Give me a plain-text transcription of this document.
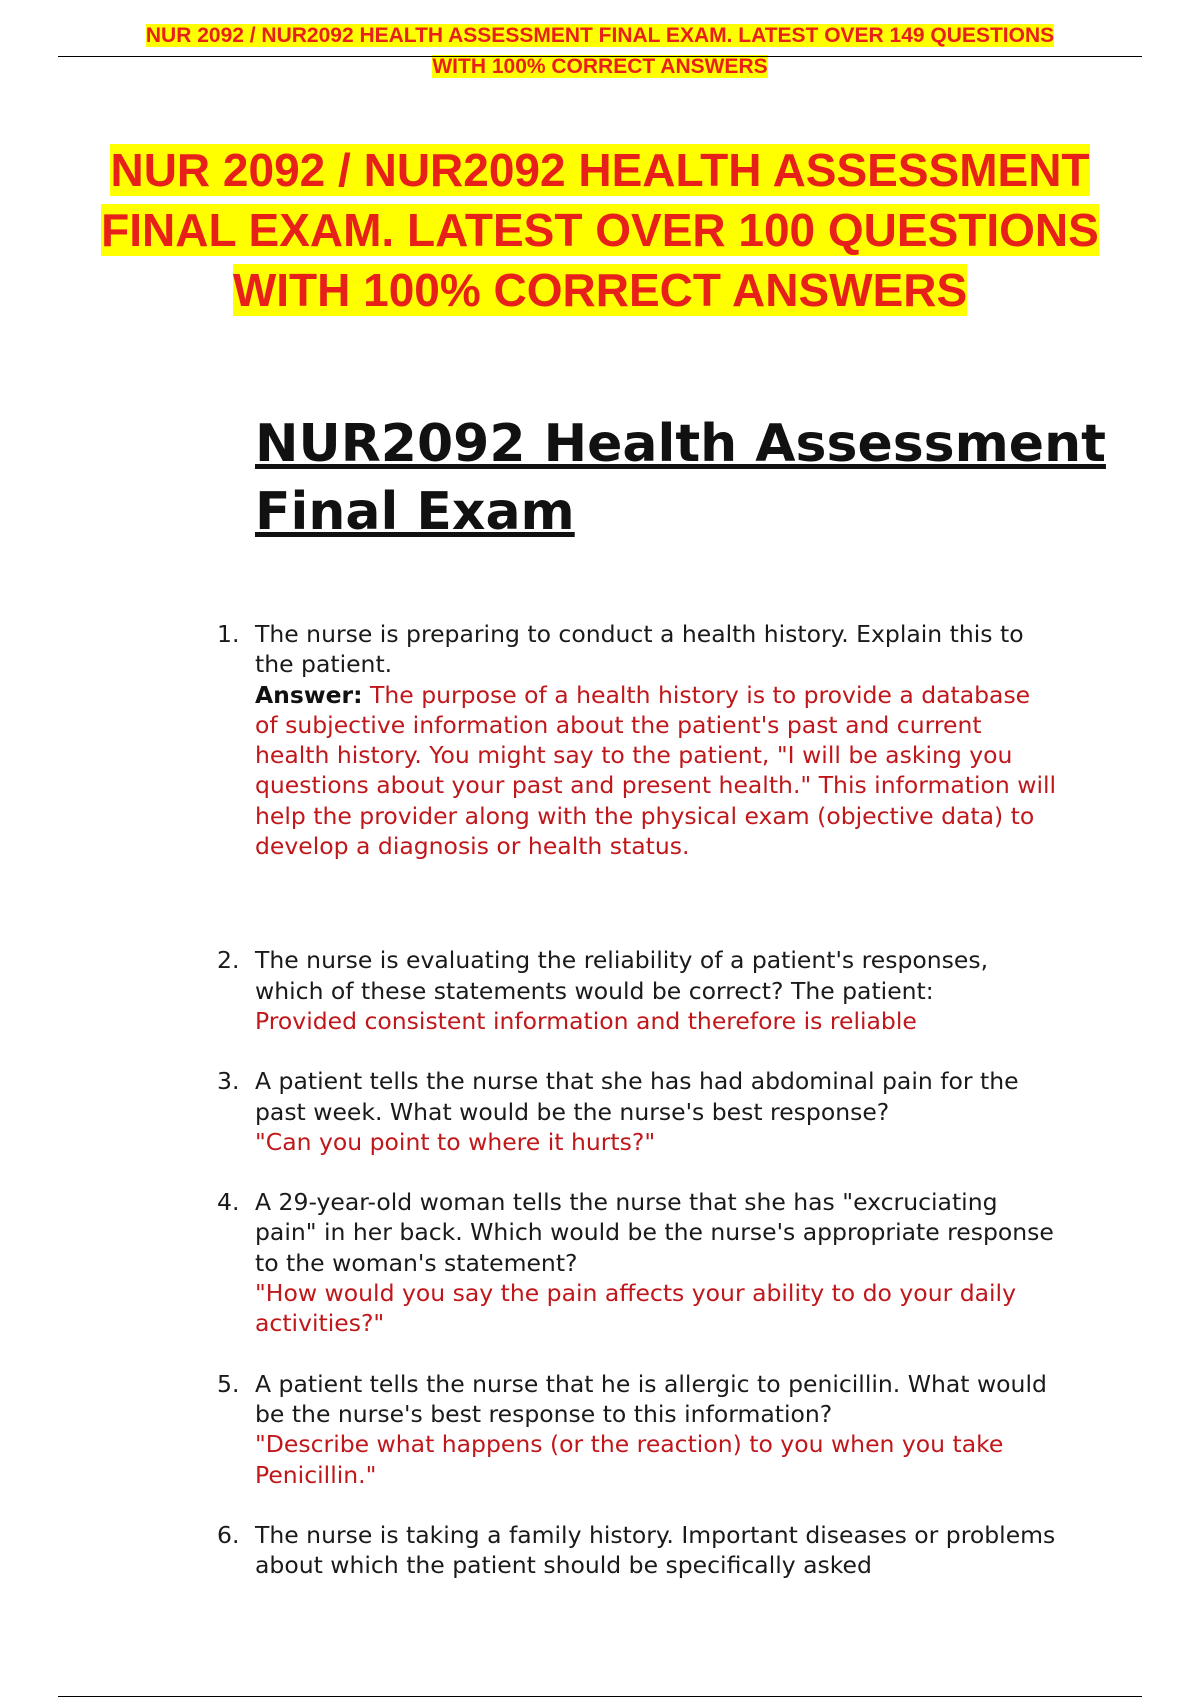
NUR 2092 / NUR2092 HEALTH ASSESSMENT FINAL EXAM. LATEST OVER 149 QUESTIONS
WITH 100% CORRECT ANSWERS
NUR 2092 / NUR2092 HEALTH ASSESSMENT
FINAL EXAM. LATEST OVER 100 QUESTIONS
WITH 100% CORRECT ANSWERS
NUR2092 Health Assessment
Final Exam
1. The nurse is preparing to conduct a health history. Explain this to the patient.
Answer: The purpose of a health history is to provide a database of subjective information about the patient's past and current health history. You might say to the patient, "I will be asking you questions about your past and present health." This information will help the provider along with the physical exam (objective data) to develop a diagnosis or health status.
2. The nurse is evaluating the reliability of a patient's responses, which of these statements would be correct? The patient:
Provided consistent information and therefore is reliable
3. A patient tells the nurse that she has had abdominal pain for the past week. What would be the nurse's best response?
"Can you point to where it hurts?"
4. A 29-year-old woman tells the nurse that she has "excruciating pain" in her back. Which would be the nurse's appropriate response to the woman's statement?
"How would you say the pain affects your ability to do your daily activities?"
5. A patient tells the nurse that he is allergic to penicillin. What would be the nurse's best response to this information?
"Describe what happens (or the reaction) to you when you take Penicillin."
6. The nurse is taking a family history. Important diseases or problems about which the patient should be specifically asked
